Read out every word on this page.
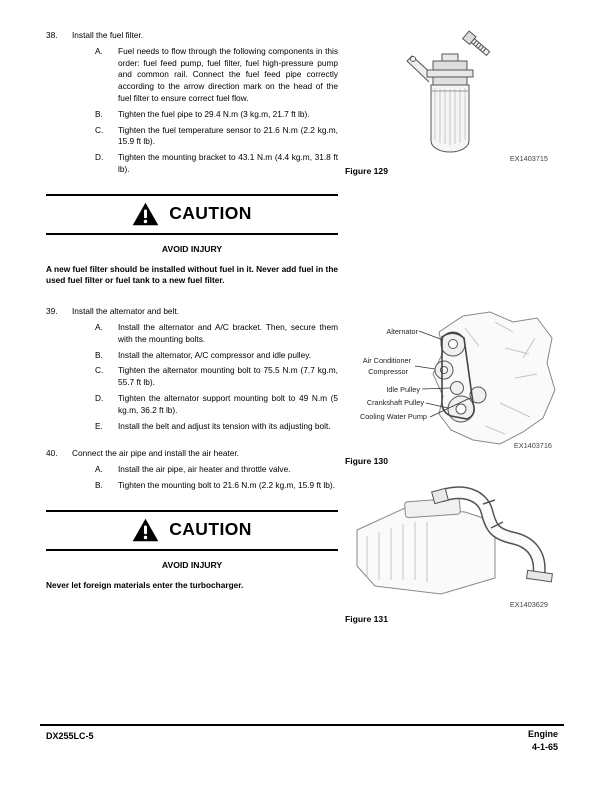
38.	Install the fuel filter.
A.	Fuel needs to flow through the following components in this order: fuel feed pump, fuel filter, fuel high-pressure pump and common rail. Connect the fuel feed pipe correctly according to the arrow direction mark on the head of the fuel filter to ensure correct fuel flow.
B.	Tighten the fuel pipe to 29.4 N.m (3 kg.m, 21.7 ft lb).
C.	Tighten the fuel temperature sensor to 21.6 N.m (2.2 kg.m, 15.9 ft lb).
D.	Tighten the mounting bracket to 43.1 N.m (4.4 kg.m, 31.8 ft lb).
CAUTION
AVOID INJURY
A new fuel filter should be installed without fuel in it. Never add fuel in the used fuel filter or fuel tank to a new fuel filter.
39.	Install the alternator and belt.
A.	Install the alternator and A/C bracket. Then, secure them with the mounting bolts.
B.	Install the alternator, A/C compressor and idle pulley.
C.	Tighten the alternator mounting bolt to 75.5 N.m (7.7 kg.m, 55.7 ft lb).
D.	Tighten the alternator support mounting bolt to 49 N.m (5 kg.m, 36.2 ft lb).
E.	Install the belt and adjust its tension with its adjusting bolt.
40.	Connect the air pipe and install the air heater.
A.	Install the air pipe, air heater and throttle valve.
B.	Tighten the mounting bolt to 21.6 N.m (2.2 kg.m, 15.9 ft lb).
CAUTION
AVOID INJURY
Never let foreign materials enter the turbocharger.
EX1403715
Figure 129
Alternator
Air Conditioner
Compressor
Idle Pulley
Crankshaft Pulley
Cooling Water Pump
EX1403716
Figure 130
EX1403629
Figure 131
DX255LC-5	Engine
4-1-65
